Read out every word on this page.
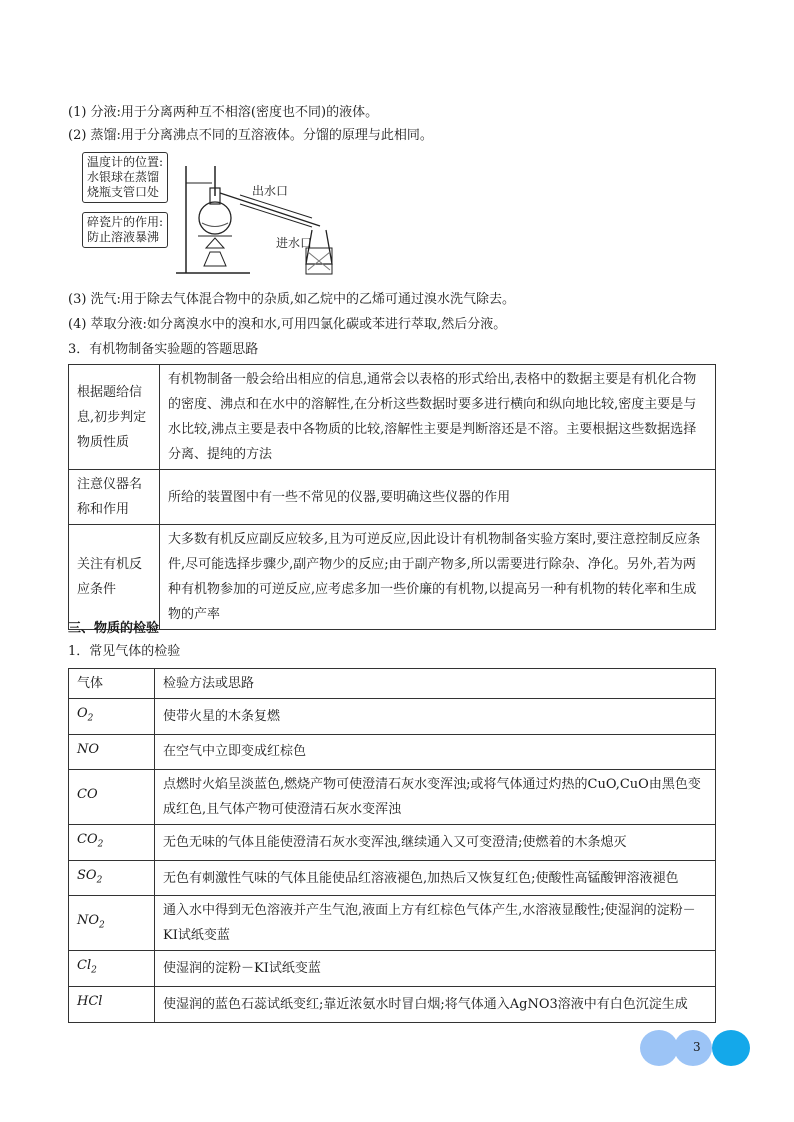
(1) 分液:用于分离两种互不相溶(密度也不同)的液体。
(2) 蒸馏:用于分离沸点不同的互溶液体。分馏的原理与此相同。
温度计的位置:
水银球在蒸馏
烧瓶支管口处
碎瓷片的作用:
防止溶液暴沸
出水口
进水口
(3) 洗气:用于除去气体混合物中的杂质,如乙烷中的乙烯可通过溴水洗气除去。
(4) 萃取分液:如分离溴水中的溴和水,可用四氯化碳或苯进行萃取,然后分液。
3．有机物制备实验题的答题思路
根据题给信息,初步判定物质性质	有机物制备一般会给出相应的信息,通常会以表格的形式给出,表格中的数据主要是有机化合物的密度、沸点和在水中的溶解性,在分析这些数据时要多进行横向和纵向地比较,密度主要是与水比较,沸点主要是表中各物质的比较,溶解性主要是判断溶还是不溶。主要根据这些数据选择分离、提纯的方法
注意仪器名称和作用	所给的装置图中有一些不常见的仪器,要明确这些仪器的作用
关注有机反应条件	大多数有机反应副反应较多,且为可逆反应,因此设计有机物制备实验方案时,要注意控制反应条件,尽可能选择步骤少,副产物少的反应;由于副产物多,所以需要进行除杂、净化。另外,若为两种有机物参加的可逆反应,应考虑多加一些价廉的有机物,以提高另一种有机物的转化率和生成物的产率
三、物质的检验
1．常见气体的检验
气体	检验方法或思路
$O_2$	使带火星的木条复燃
NO	在空气中立即变成红棕色
CO	点燃时火焰呈淡蓝色,燃烧产物可使澄清石灰水变浑浊;或将气体通过灼热的CuO,CuO由黑色变成红色,且气体产物可使澄清石灰水变浑浊
$CO_2$	无色无味的气体且能使澄清石灰水变浑浊,继续通入又可变澄清;使燃着的木条熄灭
$SO_2$	无色有刺激性气味的气体且能使品红溶液褪色,加热后又恢复红色;使酸性高锰酸钾溶液褪色
$NO_2$	通入水中得到无色溶液并产生气泡,液面上方有红棕色气体产生,水溶液显酸性;使湿润的淀粉－KI试纸变蓝
$Cl_2$	使湿润的淀粉－KI试纸变蓝
HCl	使湿润的蓝色石蕊试纸变红;靠近浓氨水时冒白烟;将气体通入AgNO3溶液中有白色沉淀生成
3
